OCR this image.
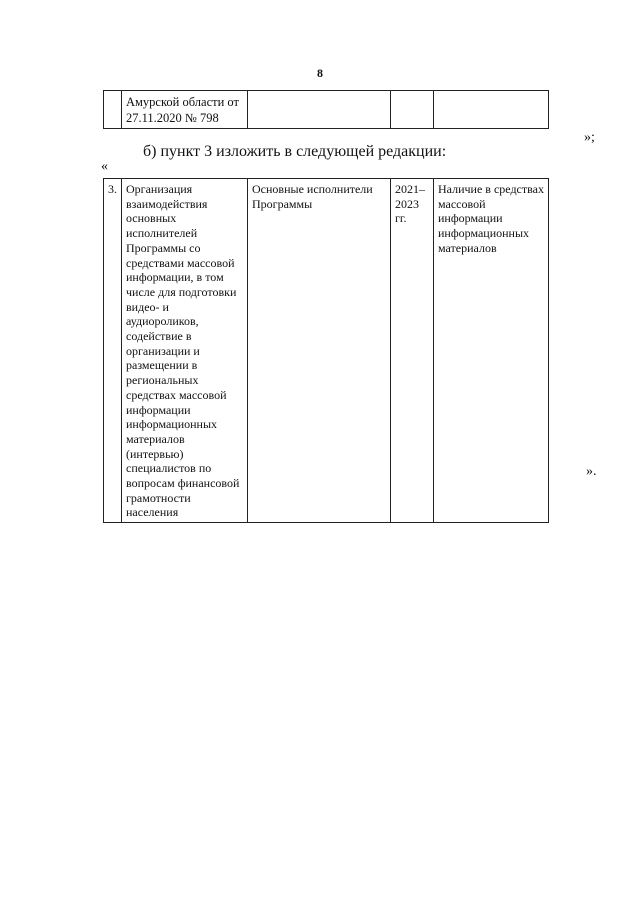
8
	Амурской области от 27.11.2020 № 798			
»;
б) пункт 3 изложить в следующей редакции:
«
3.	Организация взаимодействия основных исполнителей Программы со средствами массовой информации, в том числе для подготовки видео- и аудиороликов, содействие в организации и размещении в региональных средствах массовой информации информационных материалов (интервью) специалистов по вопросам финансовой грамотности населения	Основные исполнители Программы	2021–2023 гг.	Наличие в средствах массовой информации информационных материалов
».
